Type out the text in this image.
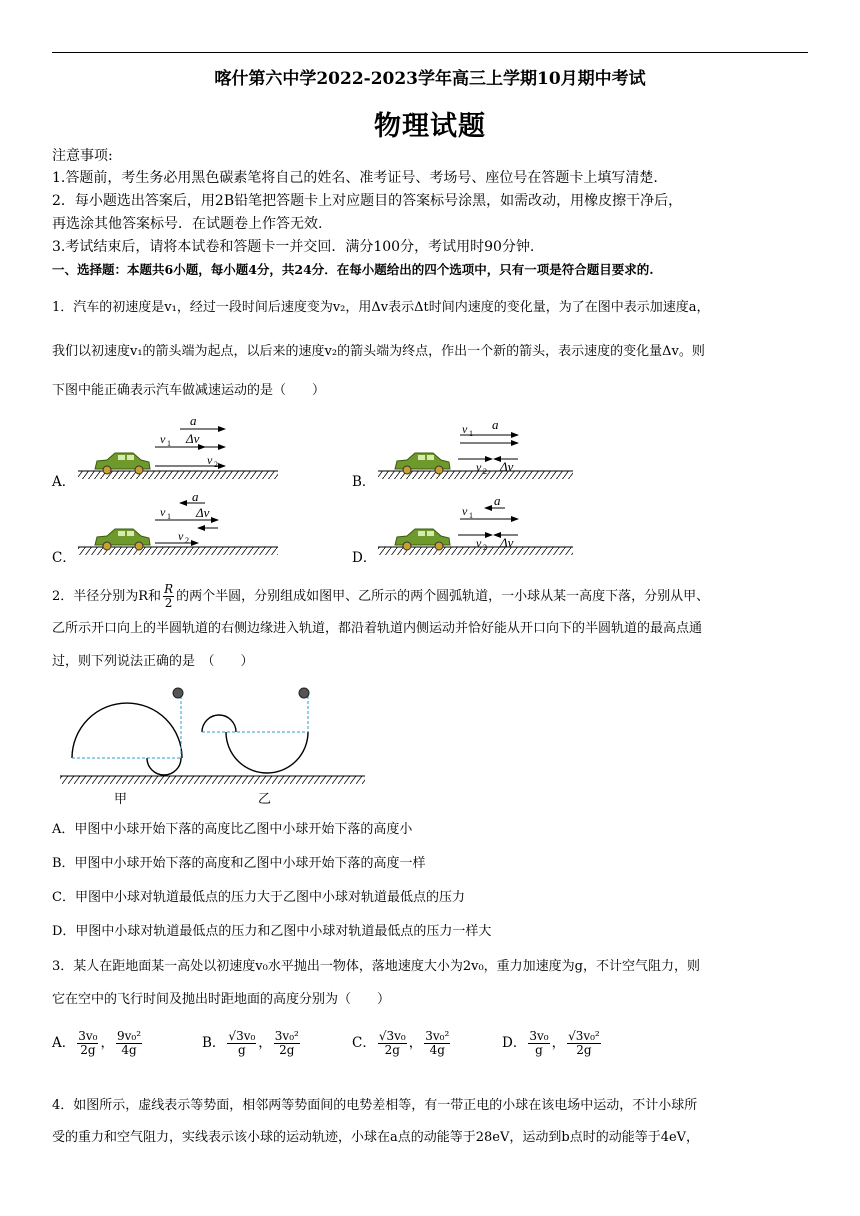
喀什第六中学2022-2023学年高三上学期10月期中考试
物理试题
注意事项:
1.答题前，考生务必用黑色碳素笔将自己的姓名、准考证号、考场号、座位号在答题卡上填写清楚.
2．每小题选出答案后，用2B铅笔把答题卡上对应题目的答案标号涂黑，如需改动，用橡皮擦干净后，
再选涂其他答案标号．在试题卷上作答无效.
3.考试结束后，请将本试卷和答题卡一并交回．满分100分，考试用时90分钟.
一、选择题：本题共6小题，每小题4分，共24分．在每小题给出的四个选项中，只有一项是符合题目要求的.
1．汽车的初速度是v₁，经过一段时间后速度变为v₂，用Δv表示Δt时间内速度的变化量，为了在图中表示加速度a，
我们以初速度v₁的箭头端为起点，以后来的速度v₂的箭头端为终点，作出一个新的箭头，表示速度的变化量Δv。则
下图中能正确表示汽车做减速运动的是（　　）
A．	B．
C．	D．
a
v 1 Δv
v 2
a
v 1
v 2 Δv
a
v 1 Δv
v 2
a
v 1
v 2 Δv
2．半径分别为R和 $\frac{R}{2}$ 的两个半圆，分别组成如图甲、乙所示的两个圆弧轨道，一小球从某一高度下落，分别从甲、
乙所示开口向上的半圆轨道的右侧边缘进入轨道，都沿着轨道内侧运动并恰好能从开口向下的半圆轨道的最高点通
过，则下列说法正确的是　（　　）
甲	乙
A．甲图中小球开始下落的高度比乙图中小球开始下落的高度小
B．甲图中小球开始下落的高度和乙图中小球开始下落的高度一样
C．甲图中小球对轨道最低点的压力大于乙图中小球对轨道最低点的压力
D．甲图中小球对轨道最低点的压力和乙图中小球对轨道最低点的压力一样大
3．某人在距地面某一高处以初速度v₀水平抛出一物体，落地速度大小为2v₀，重力加速度为g，不计空气阻力，则
它在空中的飞行时间及抛出时距地面的高度分别为（　　）
A． $\frac{\text{3v₀}}{2g}$ ， $\frac{\text{9v₀²}}{4g}$	B． $\frac{\text{√3v₀}}{g}$ ， $\frac{\text{3v₀²}}{2g}$	C． $\frac{\text{√3v₀}}{2g}$ ， $\frac{\text{3v₀²}}{4g}$	D． $\frac{\text{3v₀}}{g}$ ， $\frac{\text{√3v₀²}}{2g}$
4．如图所示，虚线表示等势面，相邻两等势面间的电势差相等，有一带正电的小球在该电场中运动，不计小球所
受的重力和空气阻力，实线表示该小球的运动轨迹，小球在a点的动能等于28eV，运动到b点时的动能等于4eV，
